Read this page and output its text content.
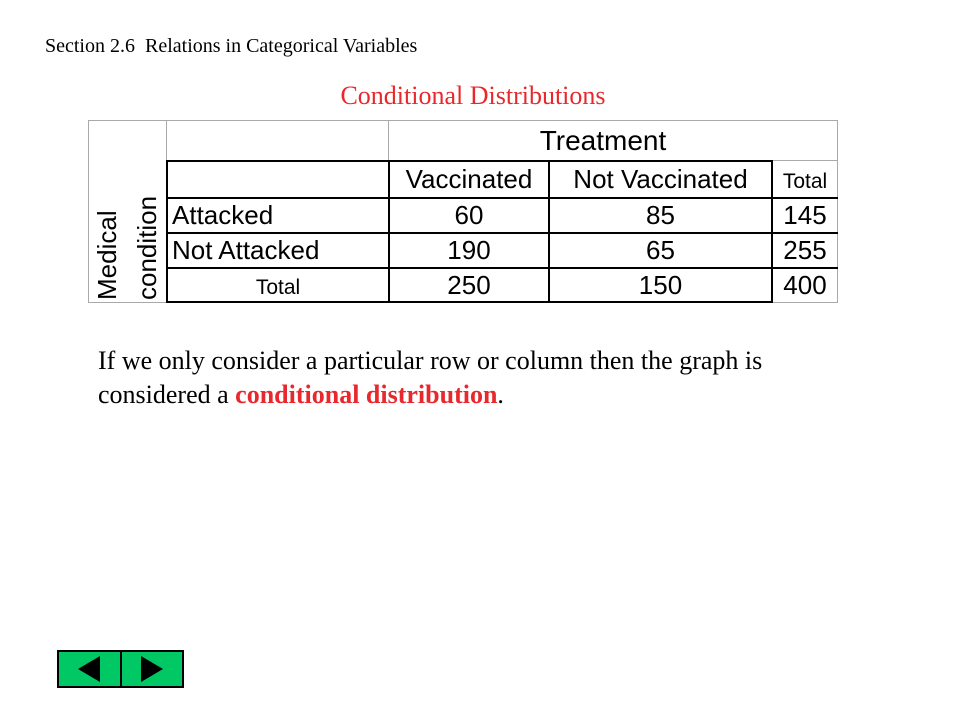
Section 2.6  Relations in Categorical Variables
Conditional Distributions
Medical condition
Treatment
Vaccinated	Not Vaccinated	Total
Attacked	60	85	145
Not Attacked	190	65	255
Total	250	150	400
If we only consider a particular row or column then the graph is considered a conditional distribution.
